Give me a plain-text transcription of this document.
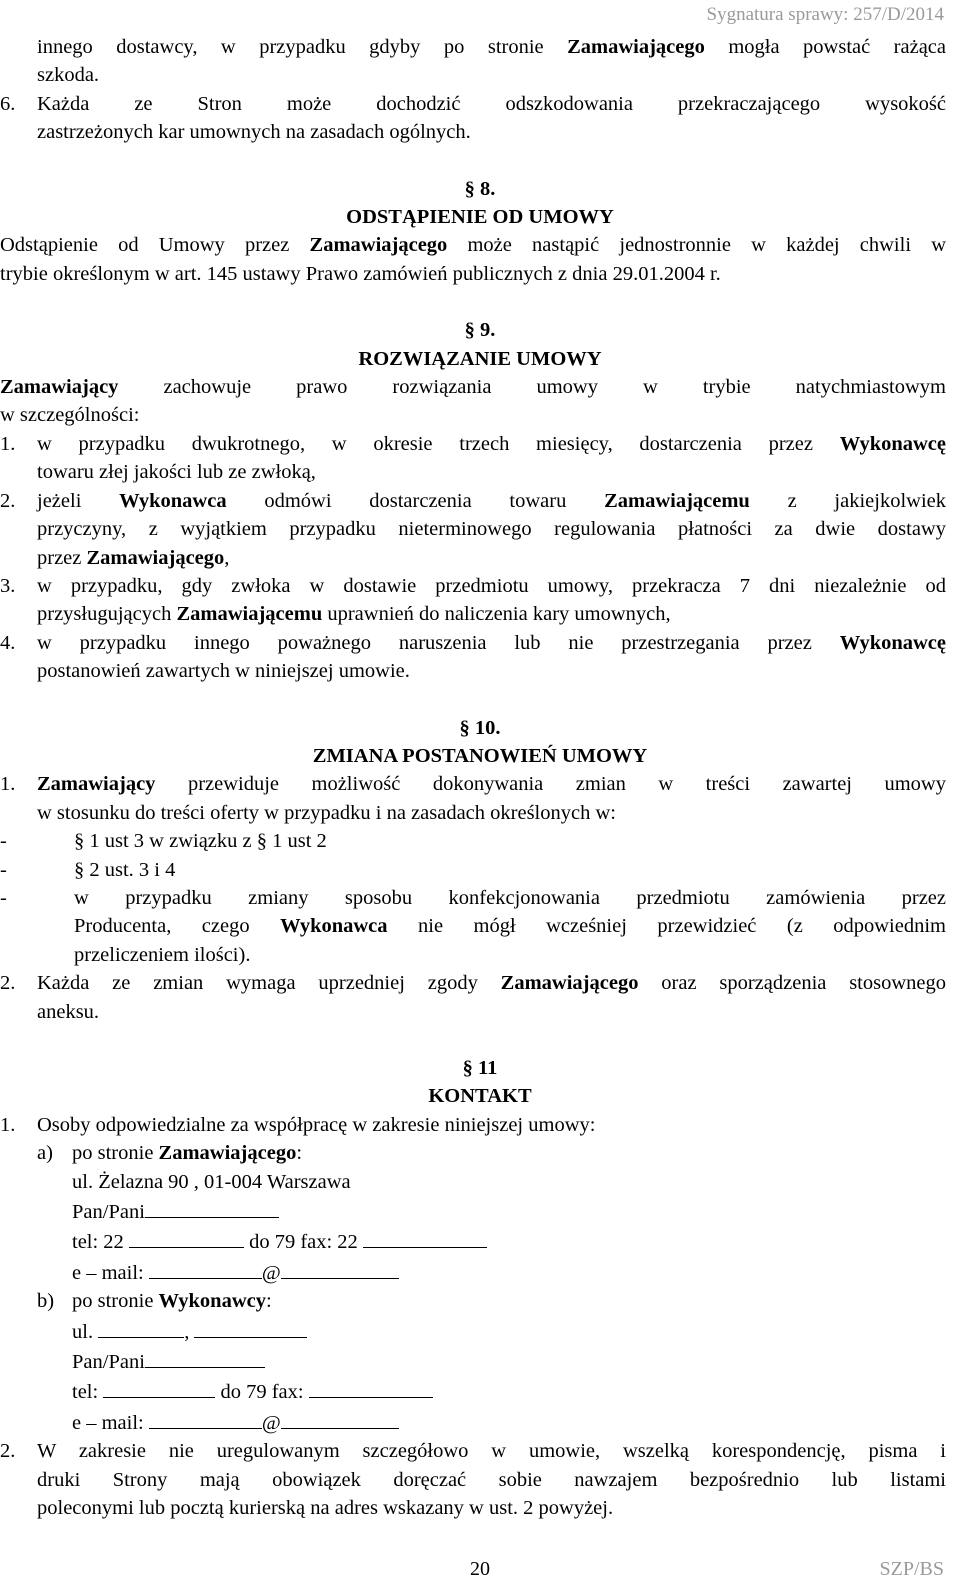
Sygnatura sprawy: 257/D/2014

innego dostawcy, w przypadku gdyby po stronie Zamawiającego mogła powstać rażąca

szkoda.

6. Każda ze Stron może dochodzić odszkodowania przekraczającego wysokość

zastrzeżonych kar umownych na zasadach ogólnych.

§ 8.

ODSTĄPIENIE OD UMOWY

Odstąpienie od Umowy przez Zamawiającego może nastąpić jednostronnie w każdej chwili w

trybie określonym w art. 145 ustawy Prawo zamówień publicznych z dnia 29.01.2004 r.

§ 9.

ROZWIĄZANIE UMOWY

Zamawiający zachowuje prawo rozwiązania umowy w trybie natychmiastowym

w szczególności:

1. w przypadku dwukrotnego, w okresie trzech miesięcy, dostarczenia przez Wykonawcę

towaru złej jakości lub ze zwłoką,

2. jeżeli Wykonawca odmówi dostarczenia towaru Zamawiającemu z jakiejkolwiek

przyczyny, z wyjątkiem przypadku nieterminowego regulowania płatności za dwie dostawy

przez Zamawiającego,

3. w przypadku, gdy zwłoka w dostawie przedmiotu umowy, przekracza 7 dni niezależnie od

przysługujących Zamawiającemu uprawnień do naliczenia kary umownych,

4. w przypadku innego poważnego naruszenia lub nie przestrzegania przez Wykonawcę

postanowień zawartych w niniejszej umowie.

§ 10.

ZMIANA POSTANOWIEŃ UMOWY

1. Zamawiający przewiduje możliwość dokonywania zmian w treści zawartej umowy

w stosunku do treści oferty w przypadku i na zasadach określonych w:

-	§ 1 ust 3 w związku z § 1 ust 2

-	§ 2 ust. 3 i 4

-	w przypadku zmiany sposobu konfekcjonowania przedmiotu zamówienia przez

Producenta, czego Wykonawca nie mógł wcześniej przewidzieć (z odpowiednim

przeliczeniem ilości).

2. Każda ze zmian wymaga uprzedniej zgody Zamawiającego oraz sporządzenia stosownego

aneksu.

§ 11

KONTAKT

1. Osoby odpowiedzialne za współpracę w zakresie niniejszej umowy:

a) po stronie Zamawiającego:

ul. Żelazna 90 , 01-004 Warszawa

Pan/Pani

tel: 22	do 79 fax: 22

e – mail:	@

b) po stronie Wykonawcy:

ul.	,

Pan/Pani

tel:	do 79 fax:

e – mail:	@

2. W zakresie nie uregulowanym szczegółowo w umowie, wszelką korespondencję, pisma i

druki Strony mają obowiązek doręczać sobie nawzajem bezpośrednio lub listami

poleconymi lub pocztą kurierską na adres wskazany w ust. 2 powyżej.

20	SZP/BS
